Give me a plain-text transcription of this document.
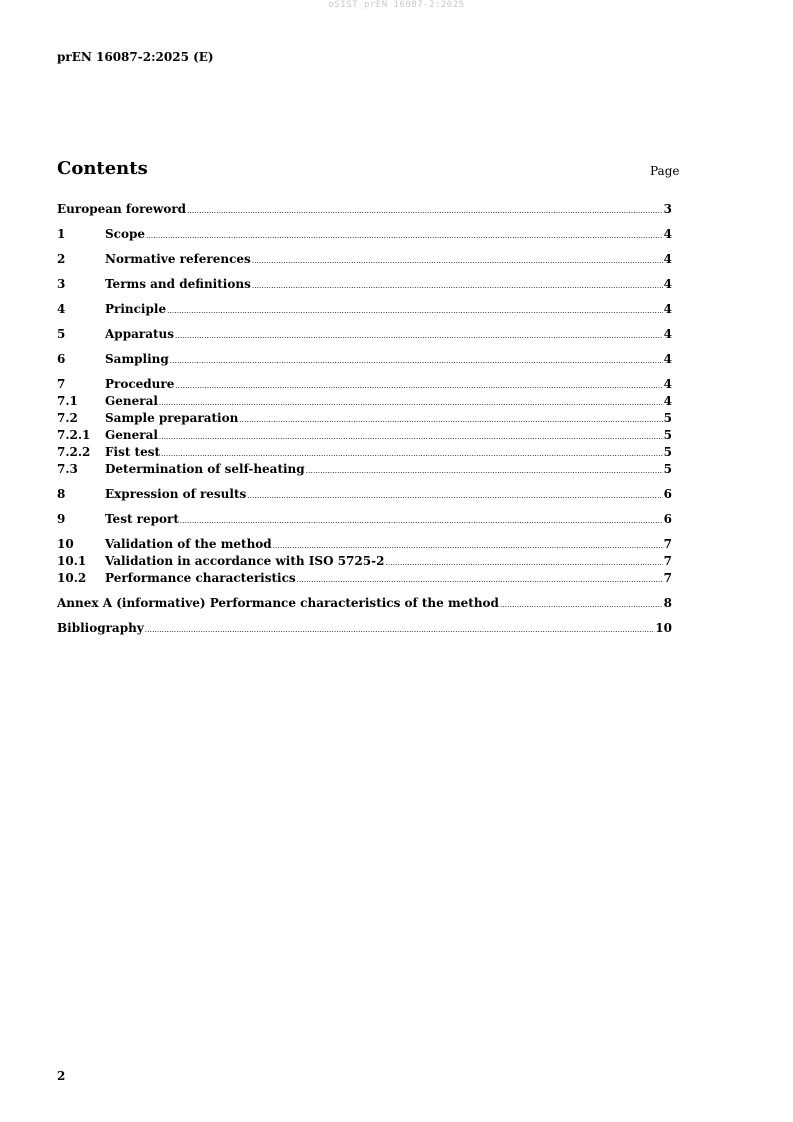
oSIST prEN 16087-2:2025
prEN 16087-2:2025 (E)
Contents	Page
European foreword .....	3
1	Scope .....	4
2	Normative references .....	4
3	Terms and definitions .....	4
4	Principle .....	4
5	Apparatus .....	4
6	Sampling .....	4
7	Procedure .....	4
7.1	General .....	4
7.2	Sample preparation .....	5
7.2.1	General .....	5
7.2.2	Fist test .....	5
7.3	Determination of self-heating .....	5
8	Expression of results .....	6
9	Test report .....	6
10	Validation of the method .....	7
10.1	Validation in accordance with ISO 5725-2 .....	7
10.2	Performance characteristics .....	7
Annex A (informative) Performance characteristics of the method .....	8
Bibliography .....	10
2
